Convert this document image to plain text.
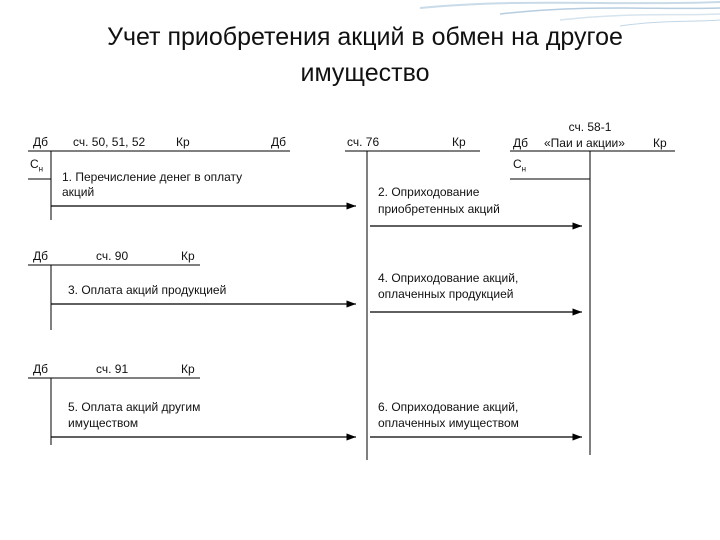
Учет приобретения акций в обмен на другое
имущество
Дб сч. 50, 51, 52	Кр
$С_н$
Дб	сч. 76	Кр
сч. 58-1
Дб «Паи и акции» Кр
$С_н$
Дб	сч. 90	Кр
Дб	сч. 91	Кр
1. Перечисление денег в оплату
акций	2. Оприходование
приобретенных акций
3. Оплата акций продукцией
4. Оприходование акций,
оплаченных продукцией
5. Оплата акций другим
имуществом
6. Оприходование акций,
оплаченных имуществом
